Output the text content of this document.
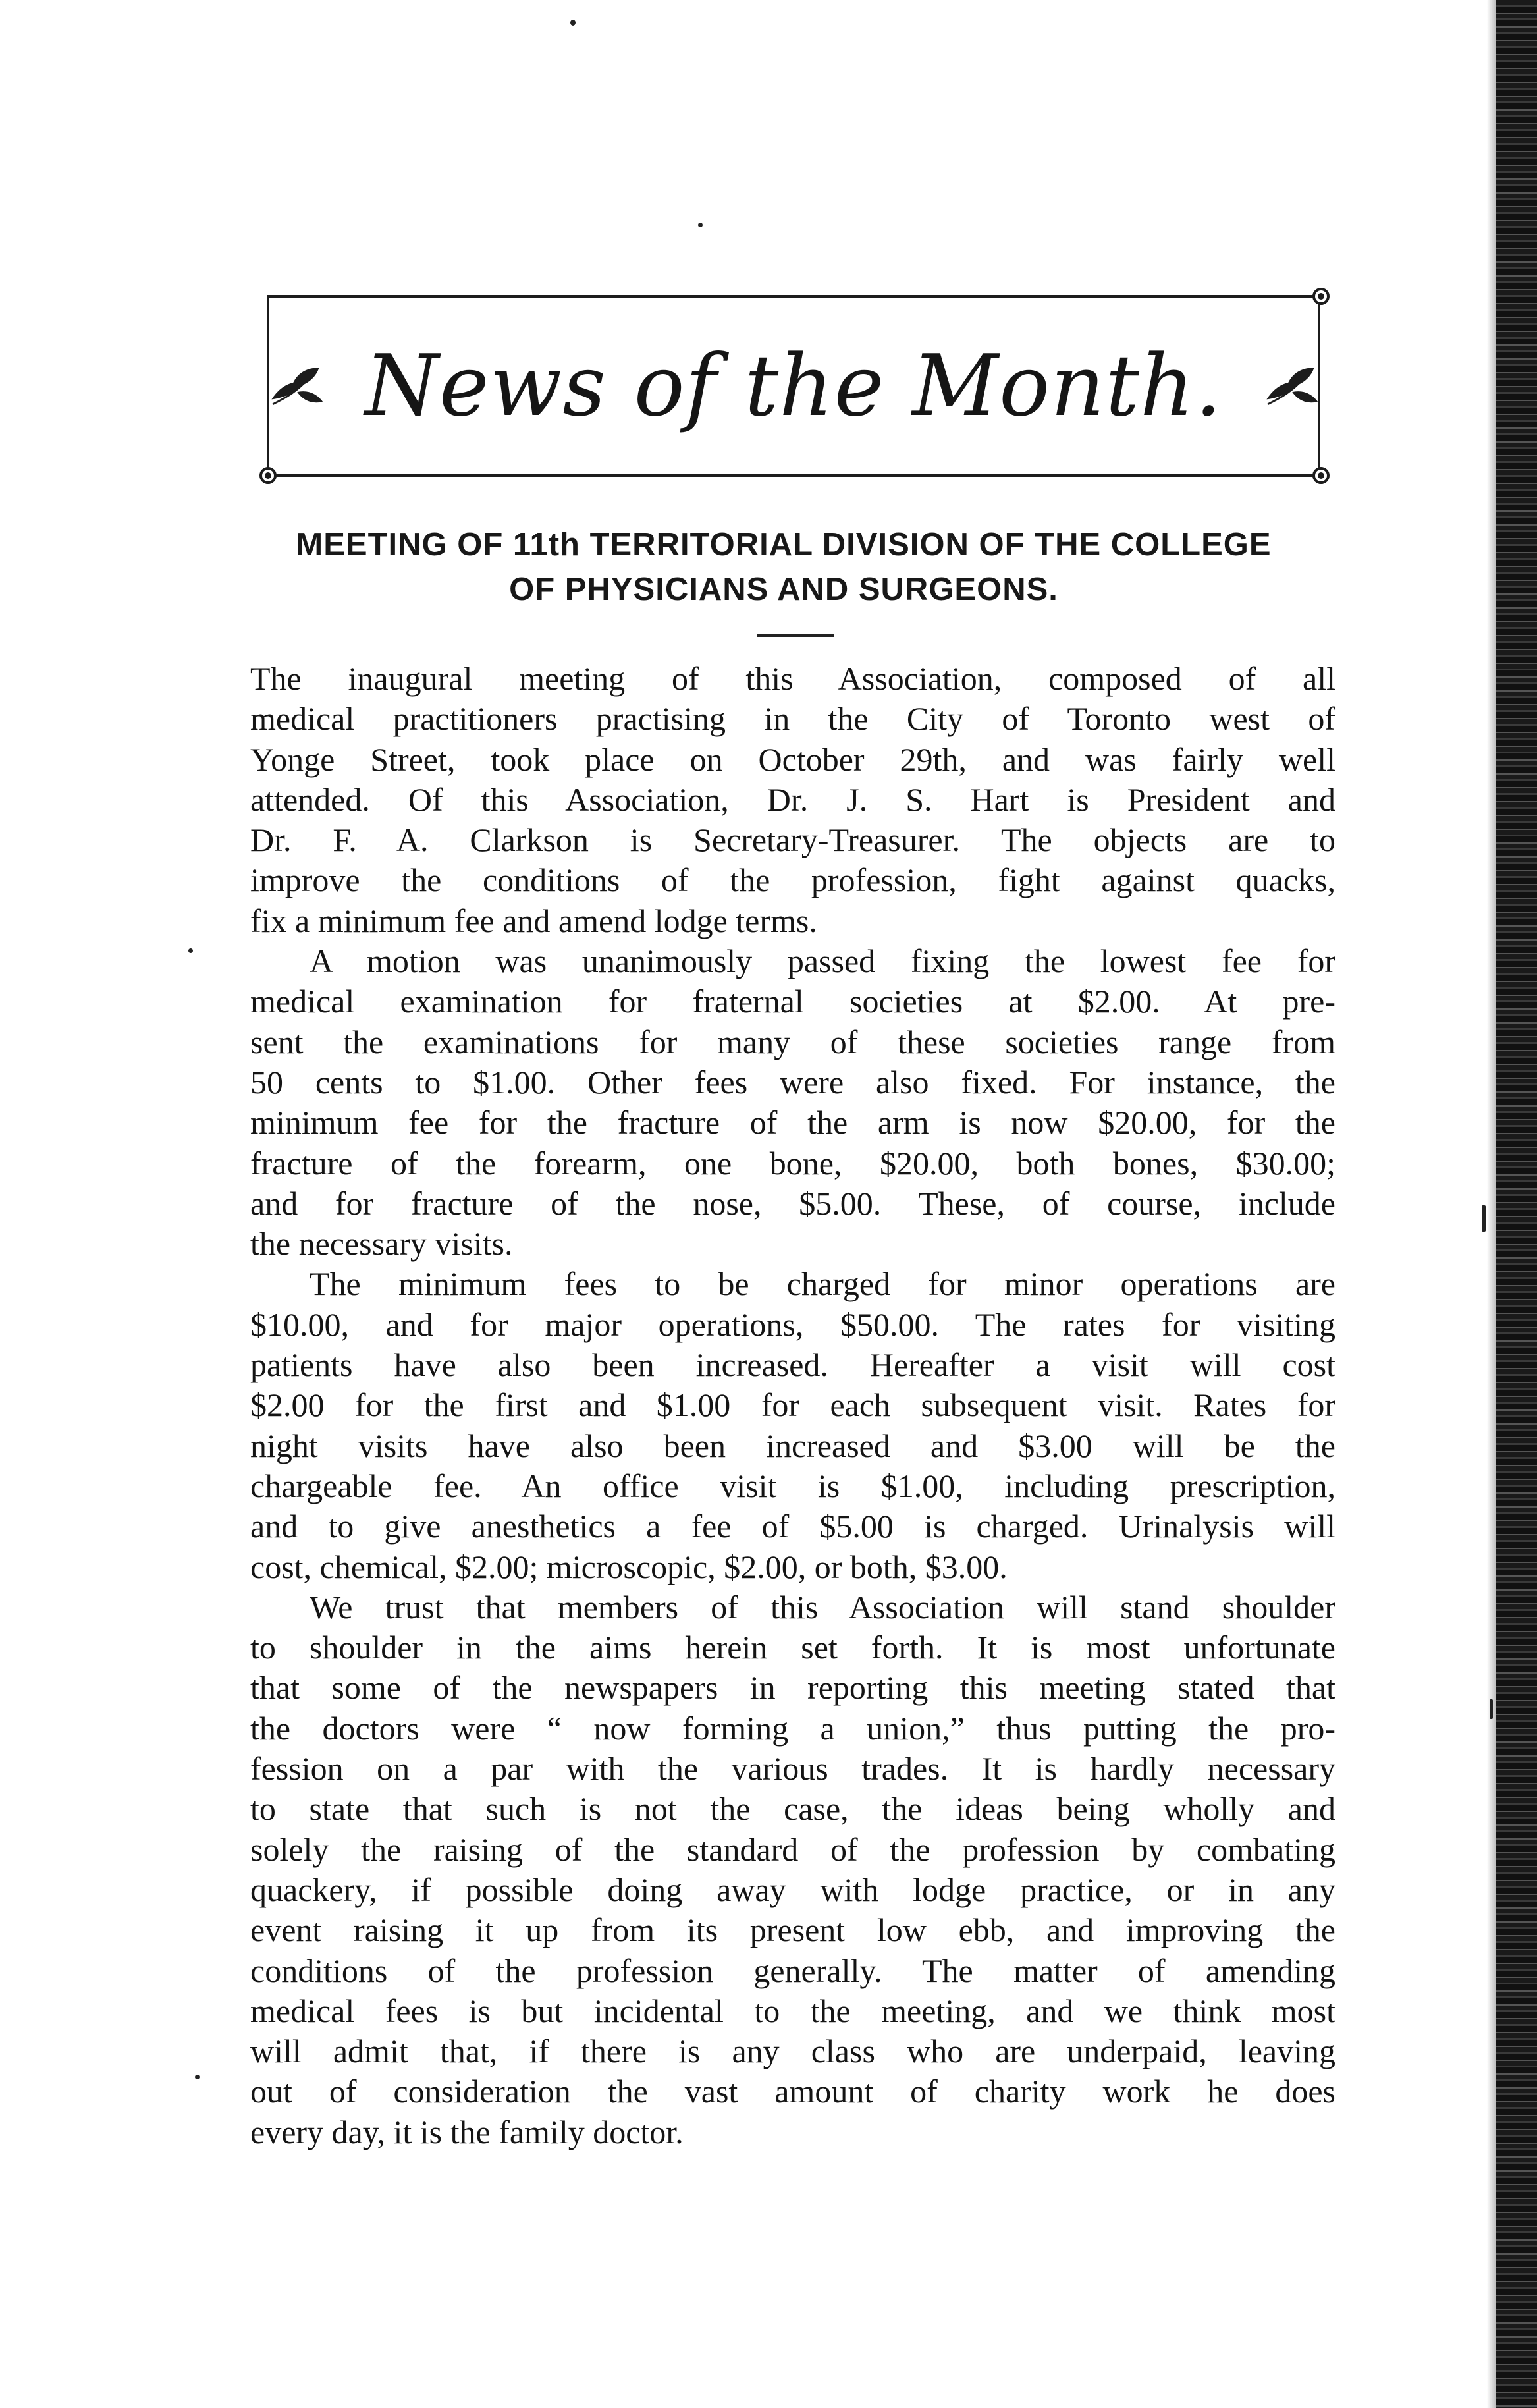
News of the Month.
MEETING OF 11th TERRITORIAL DIVISION OF THE COLLEGE
OF PHYSICIANS AND SURGEONS.

The inaugural meeting of this Association, composed of all
medical practitioners practising in the City of Toronto west of
Yonge Street, took place on October 29th, and was fairly well
attended. Of this Association, Dr. J. S. Hart is President and
Dr. F. A. Clarkson is Secretary-Treasurer. The objects are to
improve the conditions of the profession, fight against quacks,
fix a minimum fee and amend lodge terms.

A motion was unanimously passed fixing the lowest fee for
medical examination for fraternal societies at $2.00. At pre-
sent the examinations for many of these societies range from
50 cents to $1.00. Other fees were also fixed. For instance, the
minimum fee for the fracture of the arm is now $20.00, for the
fracture of the forearm, one bone, $20.00, both bones, $30.00;
and for fracture of the nose, $5.00. These, of course, include
the necessary visits.

The minimum fees to be charged for minor operations are
$10.00, and for major operations, $50.00. The rates for visiting
patients have also been increased. Hereafter a visit will cost
$2.00 for the first and $1.00 for each subsequent visit. Rates for
night visits have also been increased and $3.00 will be the
chargeable fee. An office visit is $1.00, including prescription,
and to give anesthetics a fee of $5.00 is charged. Urinalysis will
cost, chemical, $2.00; microscopic, $2.00, or both, $3.00.

We trust that members of this Association will stand shoulder
to shoulder in the aims herein set forth. It is most unfortunate
that some of the newspapers in reporting this meeting stated that
the doctors were “ now forming a union,” thus putting the pro-
fession on a par with the various trades. It is hardly necessary
to state that such is not the case, the ideas being wholly and
solely the raising of the standard of the profession by combating
quackery, if possible doing away with lodge practice, or in any
event raising it up from its present low ebb, and improving the
conditions of the profession generally. The matter of amending
medical fees is but incidental to the meeting, and we think most
will admit that, if there is any class who are underpaid, leaving
out of consideration the vast amount of charity work he does
every day, it is the family doctor.
